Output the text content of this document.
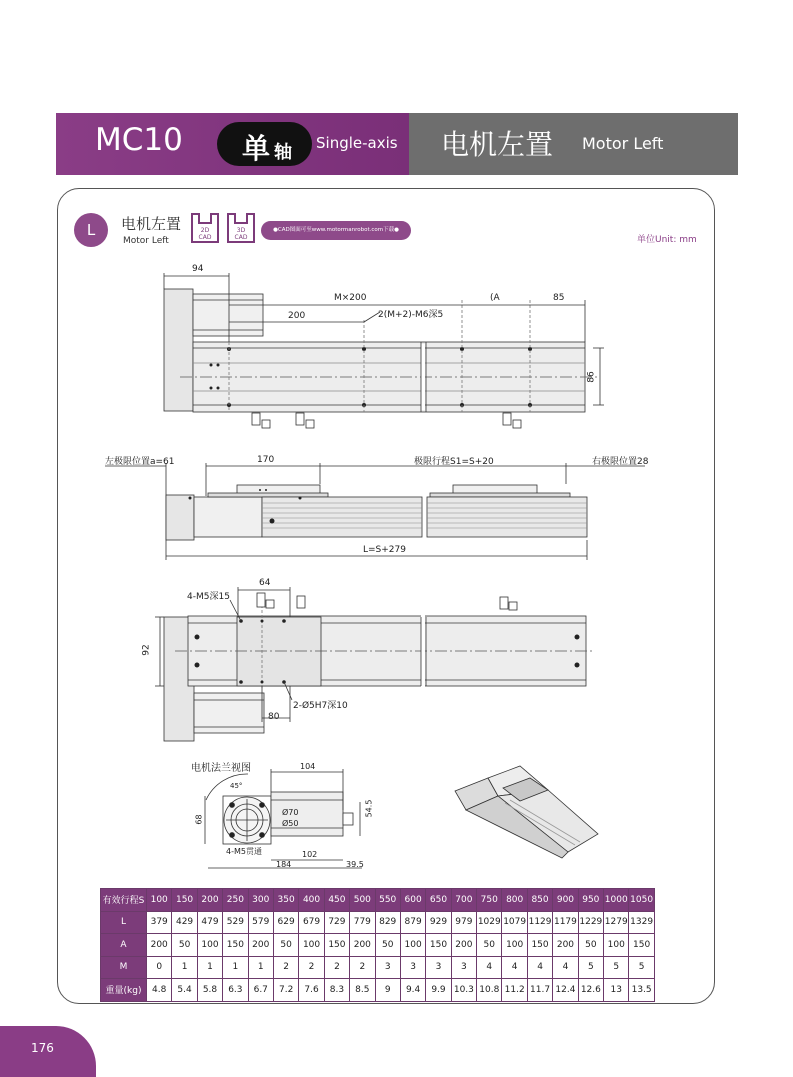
MC10 单 轴 Single-axis 电机左置 Motor Left
L	电机左置
Motor Left
2D
CAD
3D
CAD
●CAD图面可至www.motormanrobot.com下载●
单位Unit: mm
94
M×200	(A	85
200	2(M+2)-M6深5
86
左极限位置a=61	170	极限行程S1=S+20	右极限位置28
L=S+279
4-M5深15
64
92
2-Ø5H7深10
80
电机法兰视图
45°
104
68
Ø70
Ø50
54.5
4-M5贯通	102
184	39.5
有效行程S	100	150	200	250	300	350	400	450	500	550	600	650	700	750	800	850	900	950	1000	1050
L	379	429	479	529	579	629	679	729	779	829	879	929	979	1029	1079	1129	1179	1229	1279	1329
A	200	50	100	150	200	50	100	150	200	50	100	150	200	50	100	150	200	50	100	150
M	0	1	1	1	1	2	2	2	2	3	3	3	3	4	4	4	4	5	5	5
重量(kg)	4.8	5.4	5.8	6.3	6.7	7.2	7.6	8.3	8.5	9	9.4	9.9	10.3	10.8	11.2	11.7	12.4	12.6	13	13.5
176
